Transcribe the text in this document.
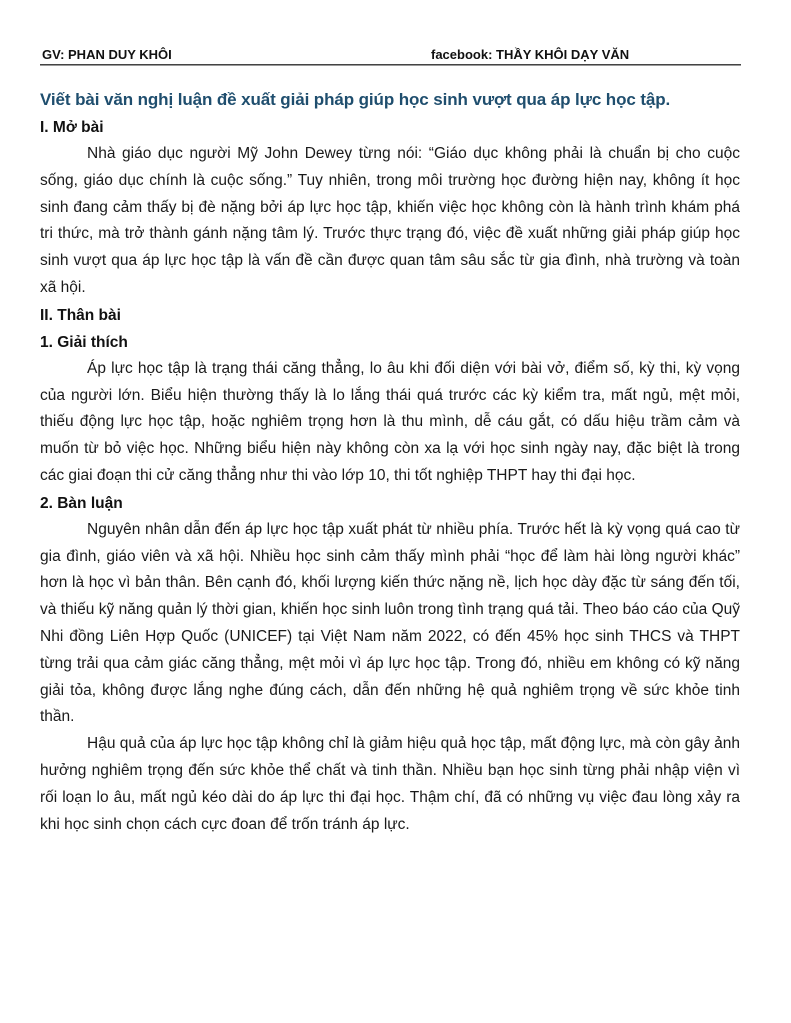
GV: PHAN DUY KHÔI	facebook: THẦY KHÔI DẠY VĂN

Viết bài văn nghị luận đề xuất giải pháp giúp học sinh vượt qua áp lực học tập.

I. Mở bài

Nhà giáo dục người Mỹ John Dewey từng nói: “Giáo dục không phải là chuẩn bị cho cuộc sống, giáo dục chính là cuộc sống.” Tuy nhiên, trong môi trường học đường hiện nay, không ít học sinh đang cảm thấy bị đè nặng bởi áp lực học tập, khiến việc học không còn là hành trình khám phá tri thức, mà trở thành gánh nặng tâm lý. Trước thực trạng đó, việc đề xuất những giải pháp giúp học sinh vượt qua áp lực học tập là vấn đề cần được quan tâm sâu sắc từ gia đình, nhà trường và toàn xã hội.

II. Thân bài

1. Giải thích

Áp lực học tập là trạng thái căng thẳng, lo âu khi đối diện với bài vở, điểm số, kỳ thi, kỳ vọng của người lớn. Biểu hiện thường thấy là lo lắng thái quá trước các kỳ kiểm tra, mất ngủ, mệt mỏi, thiếu động lực học tập, hoặc nghiêm trọng hơn là thu mình, dễ cáu gắt, có dấu hiệu trầm cảm và muốn từ bỏ việc học. Những biểu hiện này không còn xa lạ với học sinh ngày nay, đặc biệt là trong các giai đoạn thi cử căng thẳng như thi vào lớp 10, thi tốt nghiệp THPT hay thi đại học.

2. Bàn luận

Nguyên nhân dẫn đến áp lực học tập xuất phát từ nhiều phía. Trước hết là kỳ vọng quá cao từ gia đình, giáo viên và xã hội. Nhiều học sinh cảm thấy mình phải “học để làm hài lòng người khác” hơn là học vì bản thân. Bên cạnh đó, khối lượng kiến thức nặng nề, lịch học dày đặc từ sáng đến tối, và thiếu kỹ năng quản lý thời gian, khiến học sinh luôn trong tình trạng quá tải. Theo báo cáo của Quỹ Nhi đồng Liên Hợp Quốc (UNICEF) tại Việt Nam năm 2022, có đến 45% học sinh THCS và THPT từng trải qua cảm giác căng thẳng, mệt mỏi vì áp lực học tập. Trong đó, nhiều em không có kỹ năng giải tỏa, không được lắng nghe đúng cách, dẫn đến những hệ quả nghiêm trọng về sức khỏe tinh thần.

Hậu quả của áp lực học tập không chỉ là giảm hiệu quả học tập, mất động lực, mà còn gây ảnh hưởng nghiêm trọng đến sức khỏe thể chất và tinh thần. Nhiều bạn học sinh từng phải nhập viện vì rối loạn lo âu, mất ngủ kéo dài do áp lực thi đại học. Thậm chí, đã có những vụ việc đau lòng xảy ra khi học sinh chọn cách cực đoan để trốn tránh áp lực.
